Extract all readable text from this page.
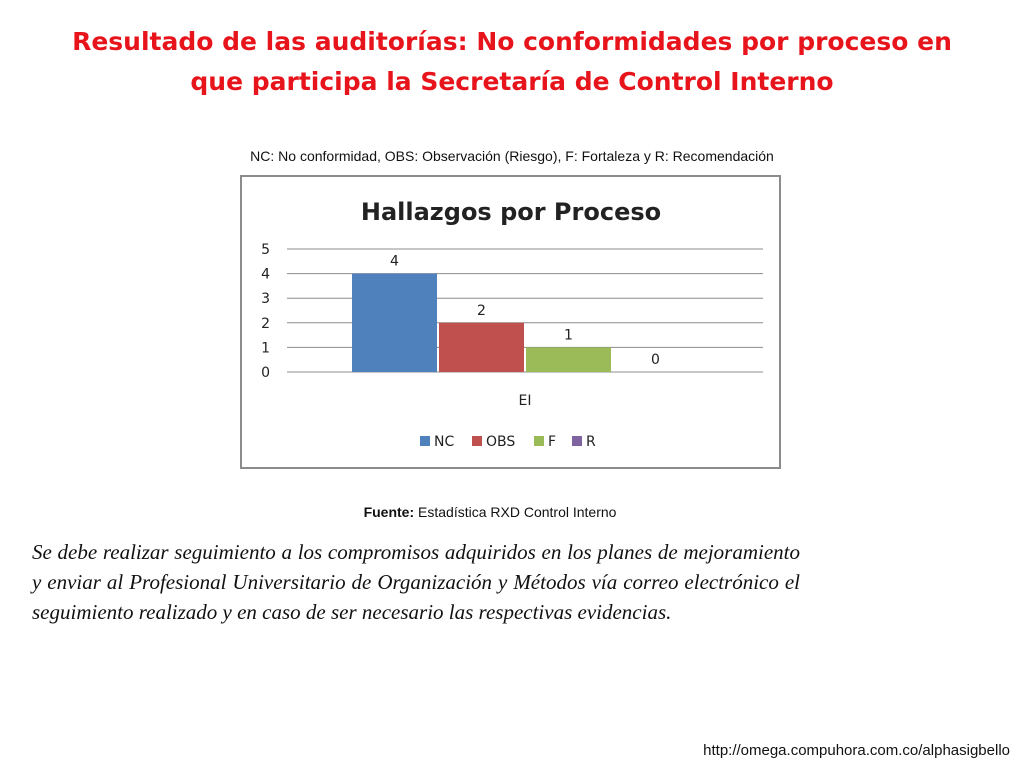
Resultado de las auditorías: No conformidades por proceso en
que participa la Secretaría de Control Interno
NC: No conformidad, OBS: Observación (Riesgo), F: Fortaleza y R: Recomendación
Hallazgos por Proceso
0
1
2
3
4
5
4
2
1
0
EI
NC OBS F R
Fuente: Estadística RXD Control Interno

Se debe realizar seguimiento a los compromisos adquiridos en los planes de mejoramiento y enviar al Profesional Universitario de Organización y Métodos vía correo electrónico el seguimiento realizado y en caso de ser necesario las respectivas evidencias.

http://omega.compuhora.com.co/alphasigbello
